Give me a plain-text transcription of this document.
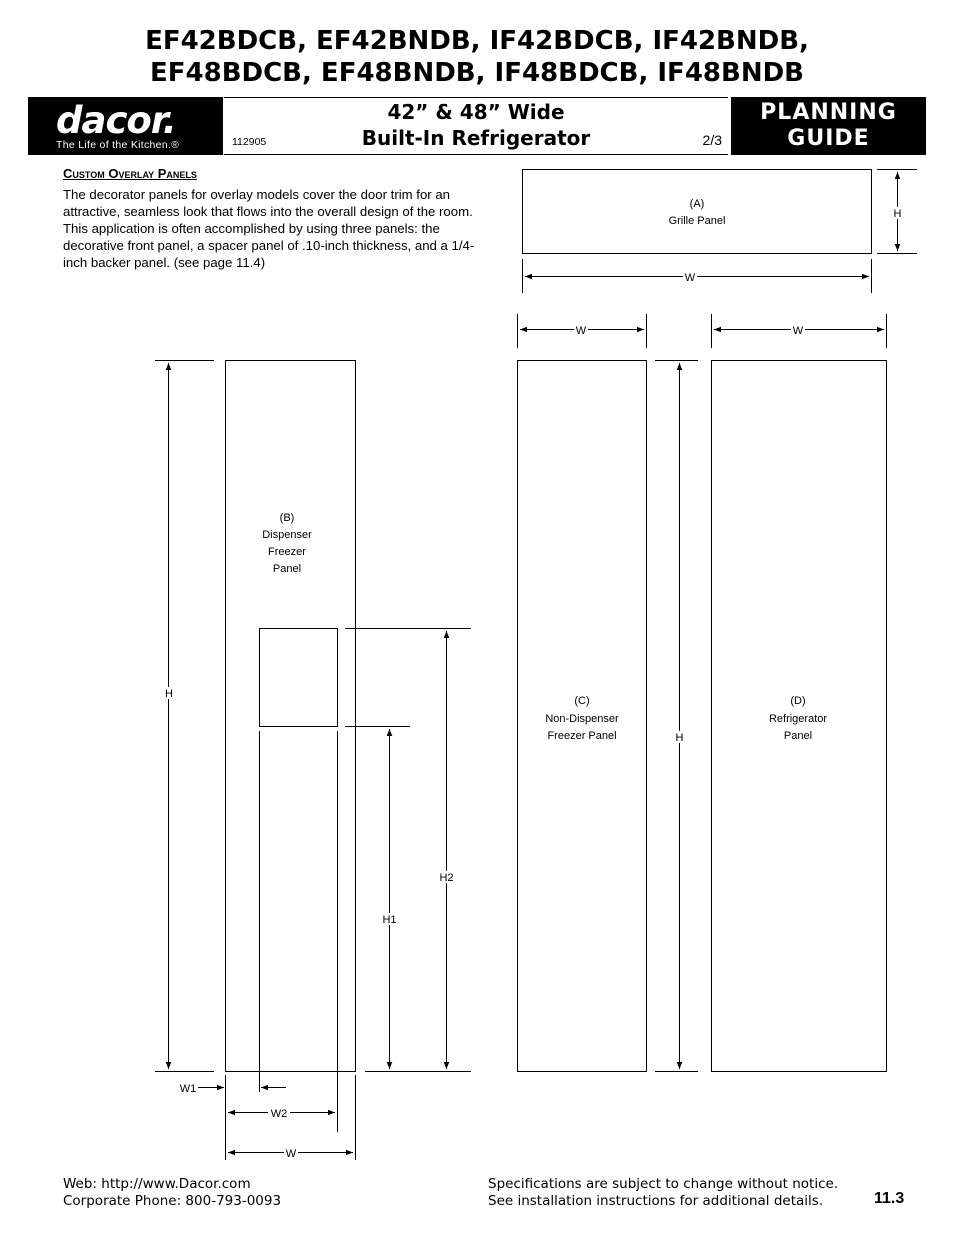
EF42BDCB, EF42BNDB, IF42BDCB, IF42BNDB,
EF48BDCB, EF48BNDB, IF48BDCB, IF48BNDB
dacor.
The Life of the Kitchen.®	112905
42” & 48” Wide
Built-In Refrigerator	2/3
PLANNING
GUIDE
Custom Overlay Panels
The decorator panels for overlay models cover the door trim for an attractive, seamless look that flows into the overall design of the room. This application is often accomplished by using three panels: the decorative front panel, a spacer panel of .10-inch thickness, and a 1/4-inch backer panel. (see page 11.4)
(A)
Grille Panel
H
W
(B)
Dispenser
Freezer
Panel
H
H2
H1
W1
W2
W
(C)
Non-Dispenser
Freezer Panel
W
H
(D)
Refrigerator
Panel
W
Web: http://www.Dacor.com
Corporate Phone: 800-793-0093
Specifications are subject to change without notice.
See installation instructions for additional details.	11.3
